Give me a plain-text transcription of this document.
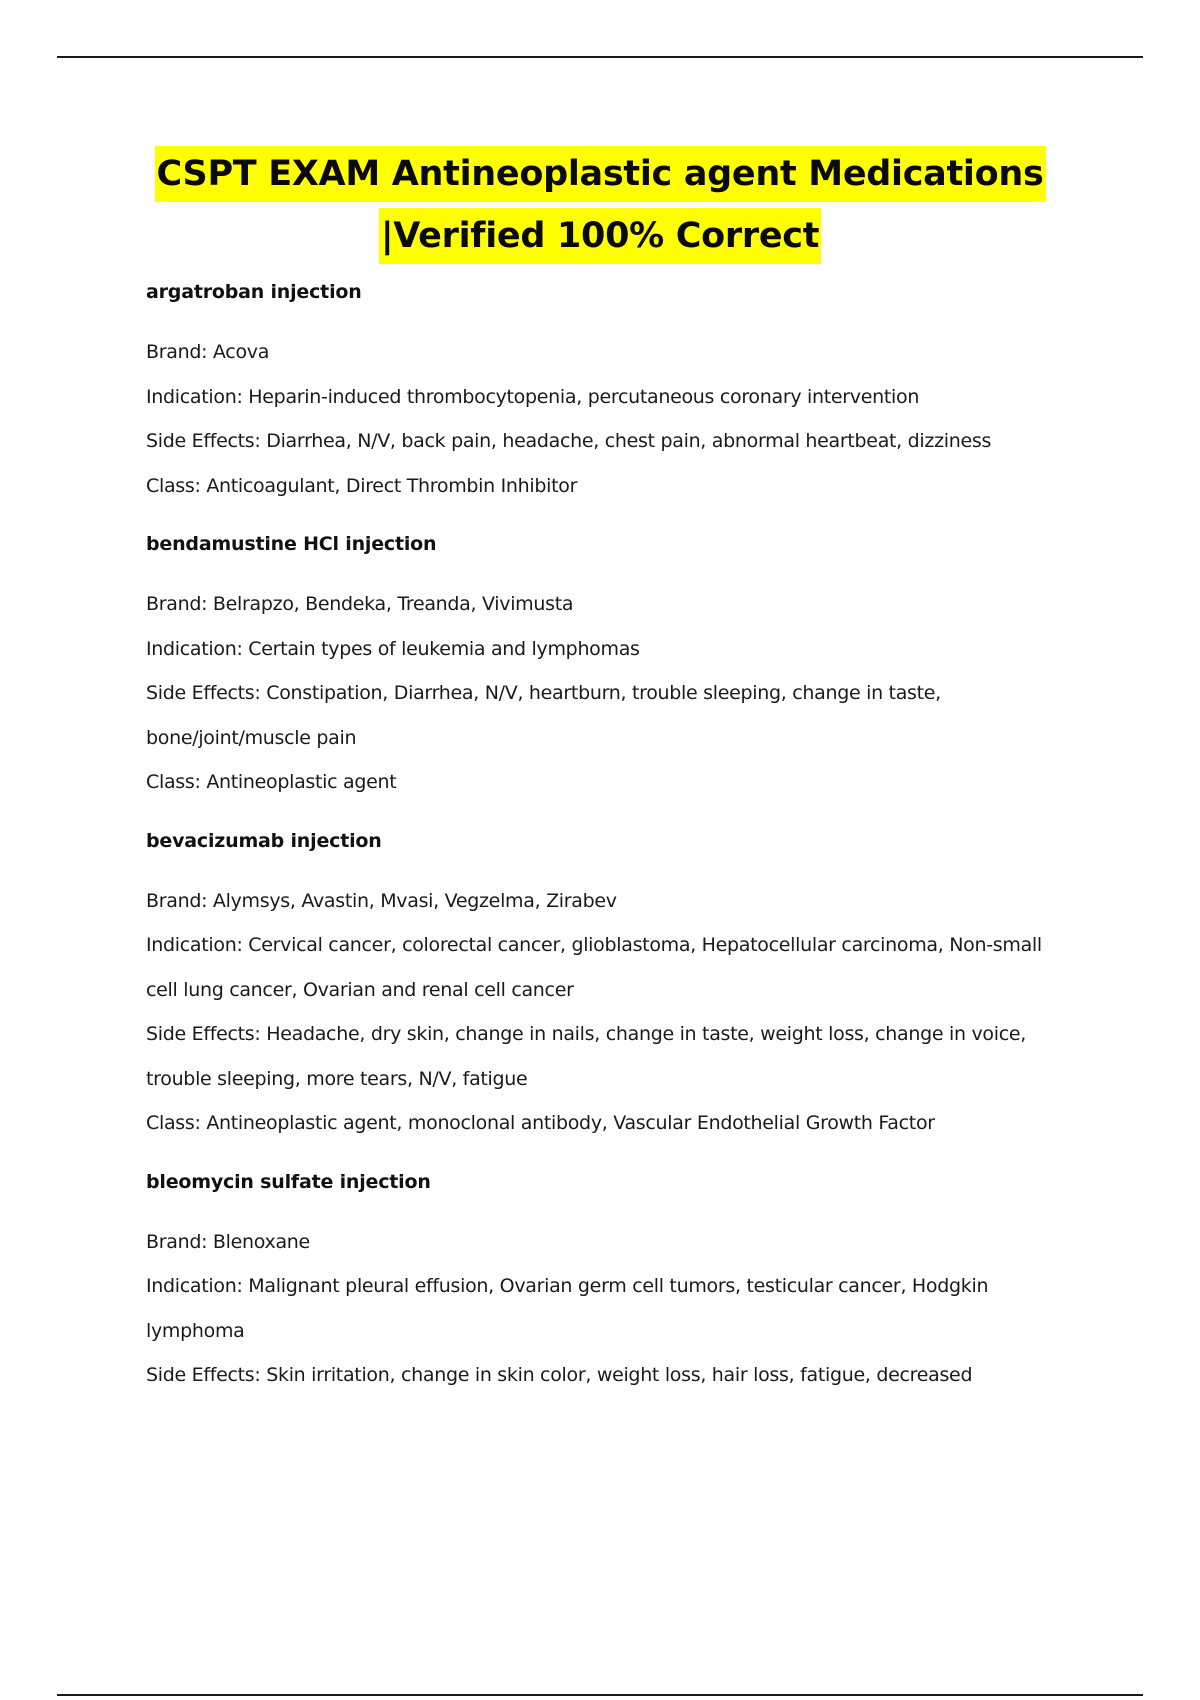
CSPT EXAM Antineoplastic agent Medications
|Verified 100% Correct
argatroban injection
Brand: Acova
Indication: Heparin-induced thrombocytopenia, percutaneous coronary intervention
Side Effects: Diarrhea, N/V, back pain, headache, chest pain, abnormal heartbeat, dizziness
Class: Anticoagulant, Direct Thrombin Inhibitor
bendamustine HCl injection
Brand: Belrapzo, Bendeka, Treanda, Vivimusta
Indication: Certain types of leukemia and lymphomas
Side Effects: Constipation, Diarrhea, N/V, heartburn, trouble sleeping, change in taste, bone/joint/muscle pain
Class: Antineoplastic agent
bevacizumab injection
Brand: Alymsys, Avastin, Mvasi, Vegzelma, Zirabev
Indication: Cervical cancer, colorectal cancer, glioblastoma, Hepatocellular carcinoma, Non-small cell lung cancer, Ovarian and renal cell cancer
Side Effects: Headache, dry skin, change in nails, change in taste, weight loss, change in voice, trouble sleeping, more tears, N/V, fatigue
Class: Antineoplastic agent, monoclonal antibody, Vascular Endothelial Growth Factor
bleomycin sulfate injection
Brand: Blenoxane
Indication: Malignant pleural effusion, Ovarian germ cell tumors, testicular cancer, Hodgkin lymphoma
Side Effects: Skin irritation, change in skin color, weight loss, hair loss, fatigue, decreased
